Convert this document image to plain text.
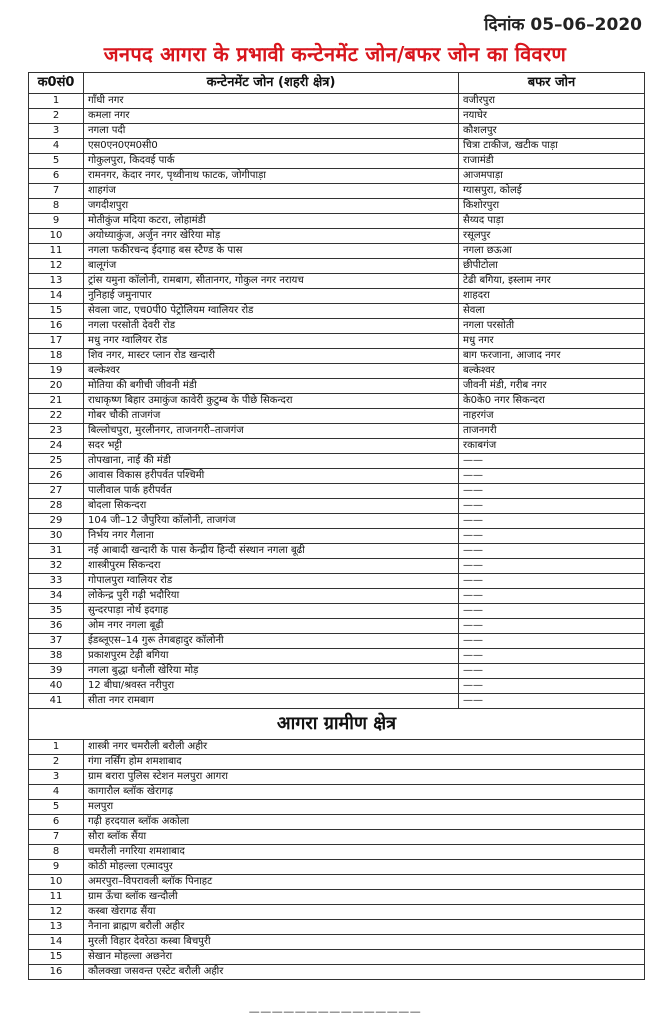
दिनांक 05–06–2020
जनपद आगरा के प्रभावी कन्टेनमेंट जोन/बफर जोन का विवरण
क0सं0	कन्टेनमेंट जोन (शहरी क्षेत्र)	बफर जोन
1	गाँधी नगर	वजीरपुरा
2	कमला नगर	नयाघेर
3	नगला पदी	कौशलपुर
4	एस0एन0एम0सी0	चित्रा टाकीज, खटीक पाड़ा
5	गोकुलपुरा, किदवई पार्क	राजामंडी
6	रामनगर, केदार नगर, पृथ्वीनाथ फाटक, जोगीपाड़ा	आजमपाड़ा
7	शाहगंज	ग्यासपुरा, कोलई
8	जगदीशपुरा	किशोरपुरा
9	मोतीकुंज मदिया कटरा, लोहामंडी	सैय्यद पाड़ा
10	अयोध्याकुंज, अर्जुन नगर खेरिया मोड़	रसूलपुर
11	नगला फकीरचन्द ईदगाह बस स्टैण्ड के पास	नगला छऊआ
12	बालूगंज	छीपीटोला
13	ट्रांस यमुना कॉलोनी, रामबाग, सीतानगर, गोकुल नगर नरायच	टेढी बगिया, इस्लाम नगर
14	नुनिहाई जमुनापार	शाहदरा
15	सेवला जाट, एच0पी0 पेट्रोलियम ग्वालियर रोड	सेवला
16	नगला परसोती देवरी रोड	नगला परसोती
17	मधु नगर ग्वालियर रोड	मधु नगर
18	शिव नगर, मास्टर प्लान रोड खन्दारी	बाग फरजाना, आजाद नगर
19	बल्केश्वर	बल्केश्वर
20	मोतिया की बगीची जीवनी मंडी	जीवनी मंडी, गरीब नगर
21	राधाकृष्ण बिहार उमाकुंज कावेरी कुटुम्ब के पीछे सिकन्दरा	के0के0 नगर सिकन्दरा
22	गोबर चौकी ताजगंज	नाहरगंज
23	बिल्लोचपुरा, मुरलीनगर, ताजनगरी–ताजगंज	ताजनगरी
24	सदर भट्टी	रकाबगंज
25	तोपखाना, नाई की मंडी	——
26	आवास विकास हरीपर्वत पश्चिमी	——
27	पालीवाल पार्क हरीपर्वत	——
28	बोदला सिकन्दरा	——
29	104 जी–12 जैपुरिया कॉलोनी, ताजगंज	——
30	निर्भय नगर गैलाना	——
31	नई आबादी खन्दारी के पास केन्द्रीय हिन्दी संस्थान नगला बूढी	——
32	शास्त्रीपुरम सिकन्दरा	——
33	गोपालपुरा ग्वालियर रोड	——
34	लोकेन्द्र पुरी गढ़ी भदौरिया	——
35	सुन्दरपाड़ा नोर्थ इदगाह	——
36	ओम नगर नगला बूढ़ी	——
37	ईडब्लूएस–14 गुरू तेगबहादुर कॉलोनी	——
38	प्रकाशपुरम टेढ़ी बगिया	——
39	नगला बुद्धा धनौली खेरिया मोड़	——
40	12 बीघा/श्रवस्त नरीपुरा	——
41	सीता नगर रामबाग	——
आगरा ग्रामीण क्षेत्र		
1	शास्त्री नगर चमरौली बरौली अहीर	
2	गंगा नर्सिंग होम शमशाबाद	
3	ग्राम बरारा पुलिस स्टेशन मलपुरा आगरा	
4	कागारौल ब्लॉक खेरागढ़	
5	मलपुरा	
6	गढ़ी हरदयाल ब्लॉक अकोला	
7	सौरा ब्लॉक सैंया	
8	चमरौली नगरिया शमशाबाद	
9	कोठी मोहल्ला एत्मादपुर	
10	अमरपुरा–विपरावली ब्लॉक पिनाहट	
11	ग्राम ऊँचा ब्लॉक खन्दौली	
12	कस्बा खेरागढ सैंया	
13	नैनाना ब्राह्मण बरौली अहीर	
14	मुरली विहार देवरेठा कस्बा बिचपुरी	
15	सेखान मोहल्ला अछनेरा	
16	कौलक्खा जसवन्त एस्टेट बरौली अहीर	
———————————————
